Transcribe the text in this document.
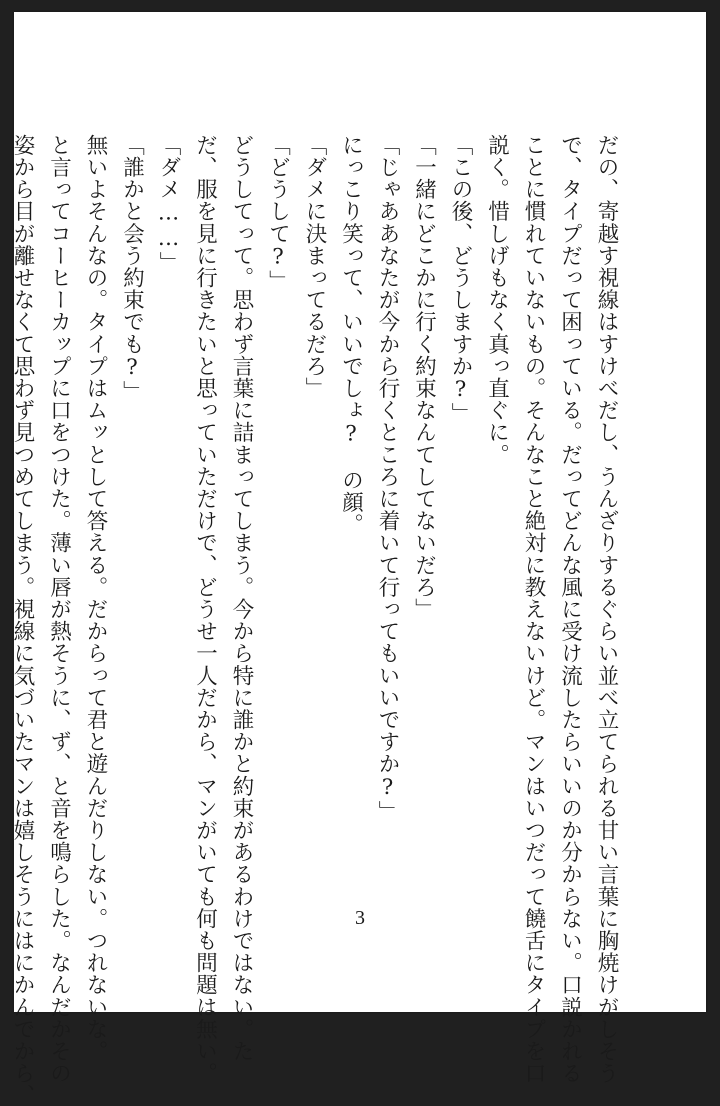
だの、寄越す視線はすけべだし、うんざりするぐらい並べ立てられる甘い言葉に胸焼けがしそう
で、タイプだって困っている。だってどんな風に受け流したらいいのか分からない。口説かれる
ことに慣れていないもの。そんなこと絶対に教えないけど。マンはいつだって饒舌にタイプを口
説く。惜しげもなく真っ直ぐに。
「この後、どうしますか?」
「一緒にどこかに行く約束なんてしてないだろ」
「じゃああなたが今から行くところに着いて行ってもいいですか?」
にっこり笑って、いいでしょ?　の顔。
「ダメに決まってるだろ」
「どうして?」
どうしてって。思わず言葉に詰まってしまう。今から特に誰かと約束があるわけではない。た
だ、服を見に行きたいと思っていただけで、どうせ一人だから、マンがいても何も問題は無い。
「ダメ……」
「誰かと会う約束でも?」
無いよそんなの。タイプはムッとして答える。だからって君と遊んだりしない。つれないな。
と言ってコーヒーカップに口をつけた。薄い唇が熱そうに、ず、と音を鳴らした。なんだかその
姿から目が離せなくて思わず見つめてしまう。視線に気づいたマンは嬉しそうにはにかんでから、	3
